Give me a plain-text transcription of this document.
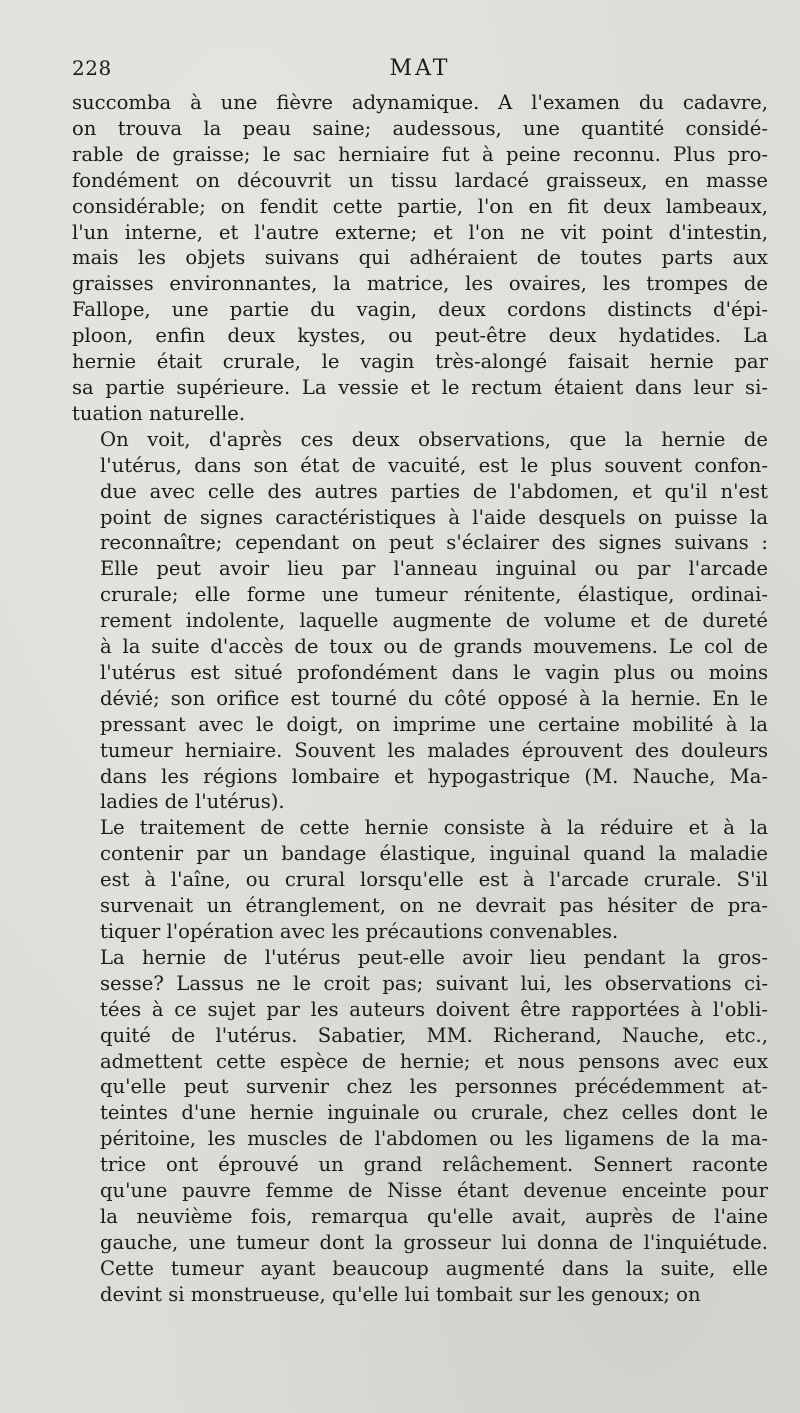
228	MAT

succomba à une fièvre adynamique. A l'examen du cadavre,
on trouva la peau saine; audessous, une quantité considé-
rable de graisse; le sac herniaire fut à peine reconnu. Plus pro-
fondément on découvrit un tissu lardacé graisseux, en masse
considérable; on fendit cette partie, l'on en fit deux lambeaux,
l'un interne, et l'autre externe; et l'on ne vit point d'intestin,
mais les objets suivans qui adhéraient de toutes parts aux
graisses environnantes, la matrice, les ovaires, les trompes de
Fallope, une partie du vagin, deux cordons distincts d'épi-
ploon, enfin deux kystes, ou peut-être deux hydatides. La
hernie était crurale, le vagin très-alongé faisait hernie par
sa partie supérieure. La vessie et le rectum étaient dans leur si-
tuation naturelle.

On voit, d'après ces deux observations, que la hernie de
l'utérus, dans son état de vacuité, est le plus souvent confon-
due avec celle des autres parties de l'abdomen, et qu'il n'est
point de signes caractéristiques à l'aide desquels on puisse la
reconnaître; cependant on peut s'éclairer des signes suivans :
Elle peut avoir lieu par l'anneau inguinal ou par l'arcade
crurale; elle forme une tumeur rénitente, élastique, ordinai-
rement indolente, laquelle augmente de volume et de dureté
à la suite d'accès de toux ou de grands mouvemens. Le col de
l'utérus est situé profondément dans le vagin plus ou moins
dévié; son orifice est tourné du côté opposé à la hernie. En le
pressant avec le doigt, on imprime une certaine mobilité à la
tumeur herniaire. Souvent les malades éprouvent des douleurs
dans les régions lombaire et hypogastrique (M. Nauche, Ma-
ladies de l'utérus).

Le traitement de cette hernie consiste à la réduire et à la
contenir par un bandage élastique, inguinal quand la maladie
est à l'aîne, ou crural lorsqu'elle est à l'arcade crurale. S'il
survenait un étranglement, on ne devrait pas hésiter de pra-
tiquer l'opération avec les précautions convenables.

La hernie de l'utérus peut-elle avoir lieu pendant la gros-
sesse? Lassus ne le croit pas; suivant lui, les observations ci-
tées à ce sujet par les auteurs doivent être rapportées à l'obli-
quité de l'utérus. Sabatier, MM. Richerand, Nauche, etc.,
admettent cette espèce de hernie; et nous pensons avec eux
qu'elle peut survenir chez les personnes précédemment at-
teintes d'une hernie inguinale ou crurale, chez celles dont le
péritoine, les muscles de l'abdomen ou les ligamens de la ma-
trice ont éprouvé un grand relâchement. Sennert raconte
qu'une pauvre femme de Nisse étant devenue enceinte pour
la neuvième fois, remarqua qu'elle avait, auprès de l'aine
gauche, une tumeur dont la grosseur lui donna de l'inquiétude.
Cette tumeur ayant beaucoup augmenté dans la suite, elle
devint si monstrueuse, qu'elle lui tombait sur les genoux; on
